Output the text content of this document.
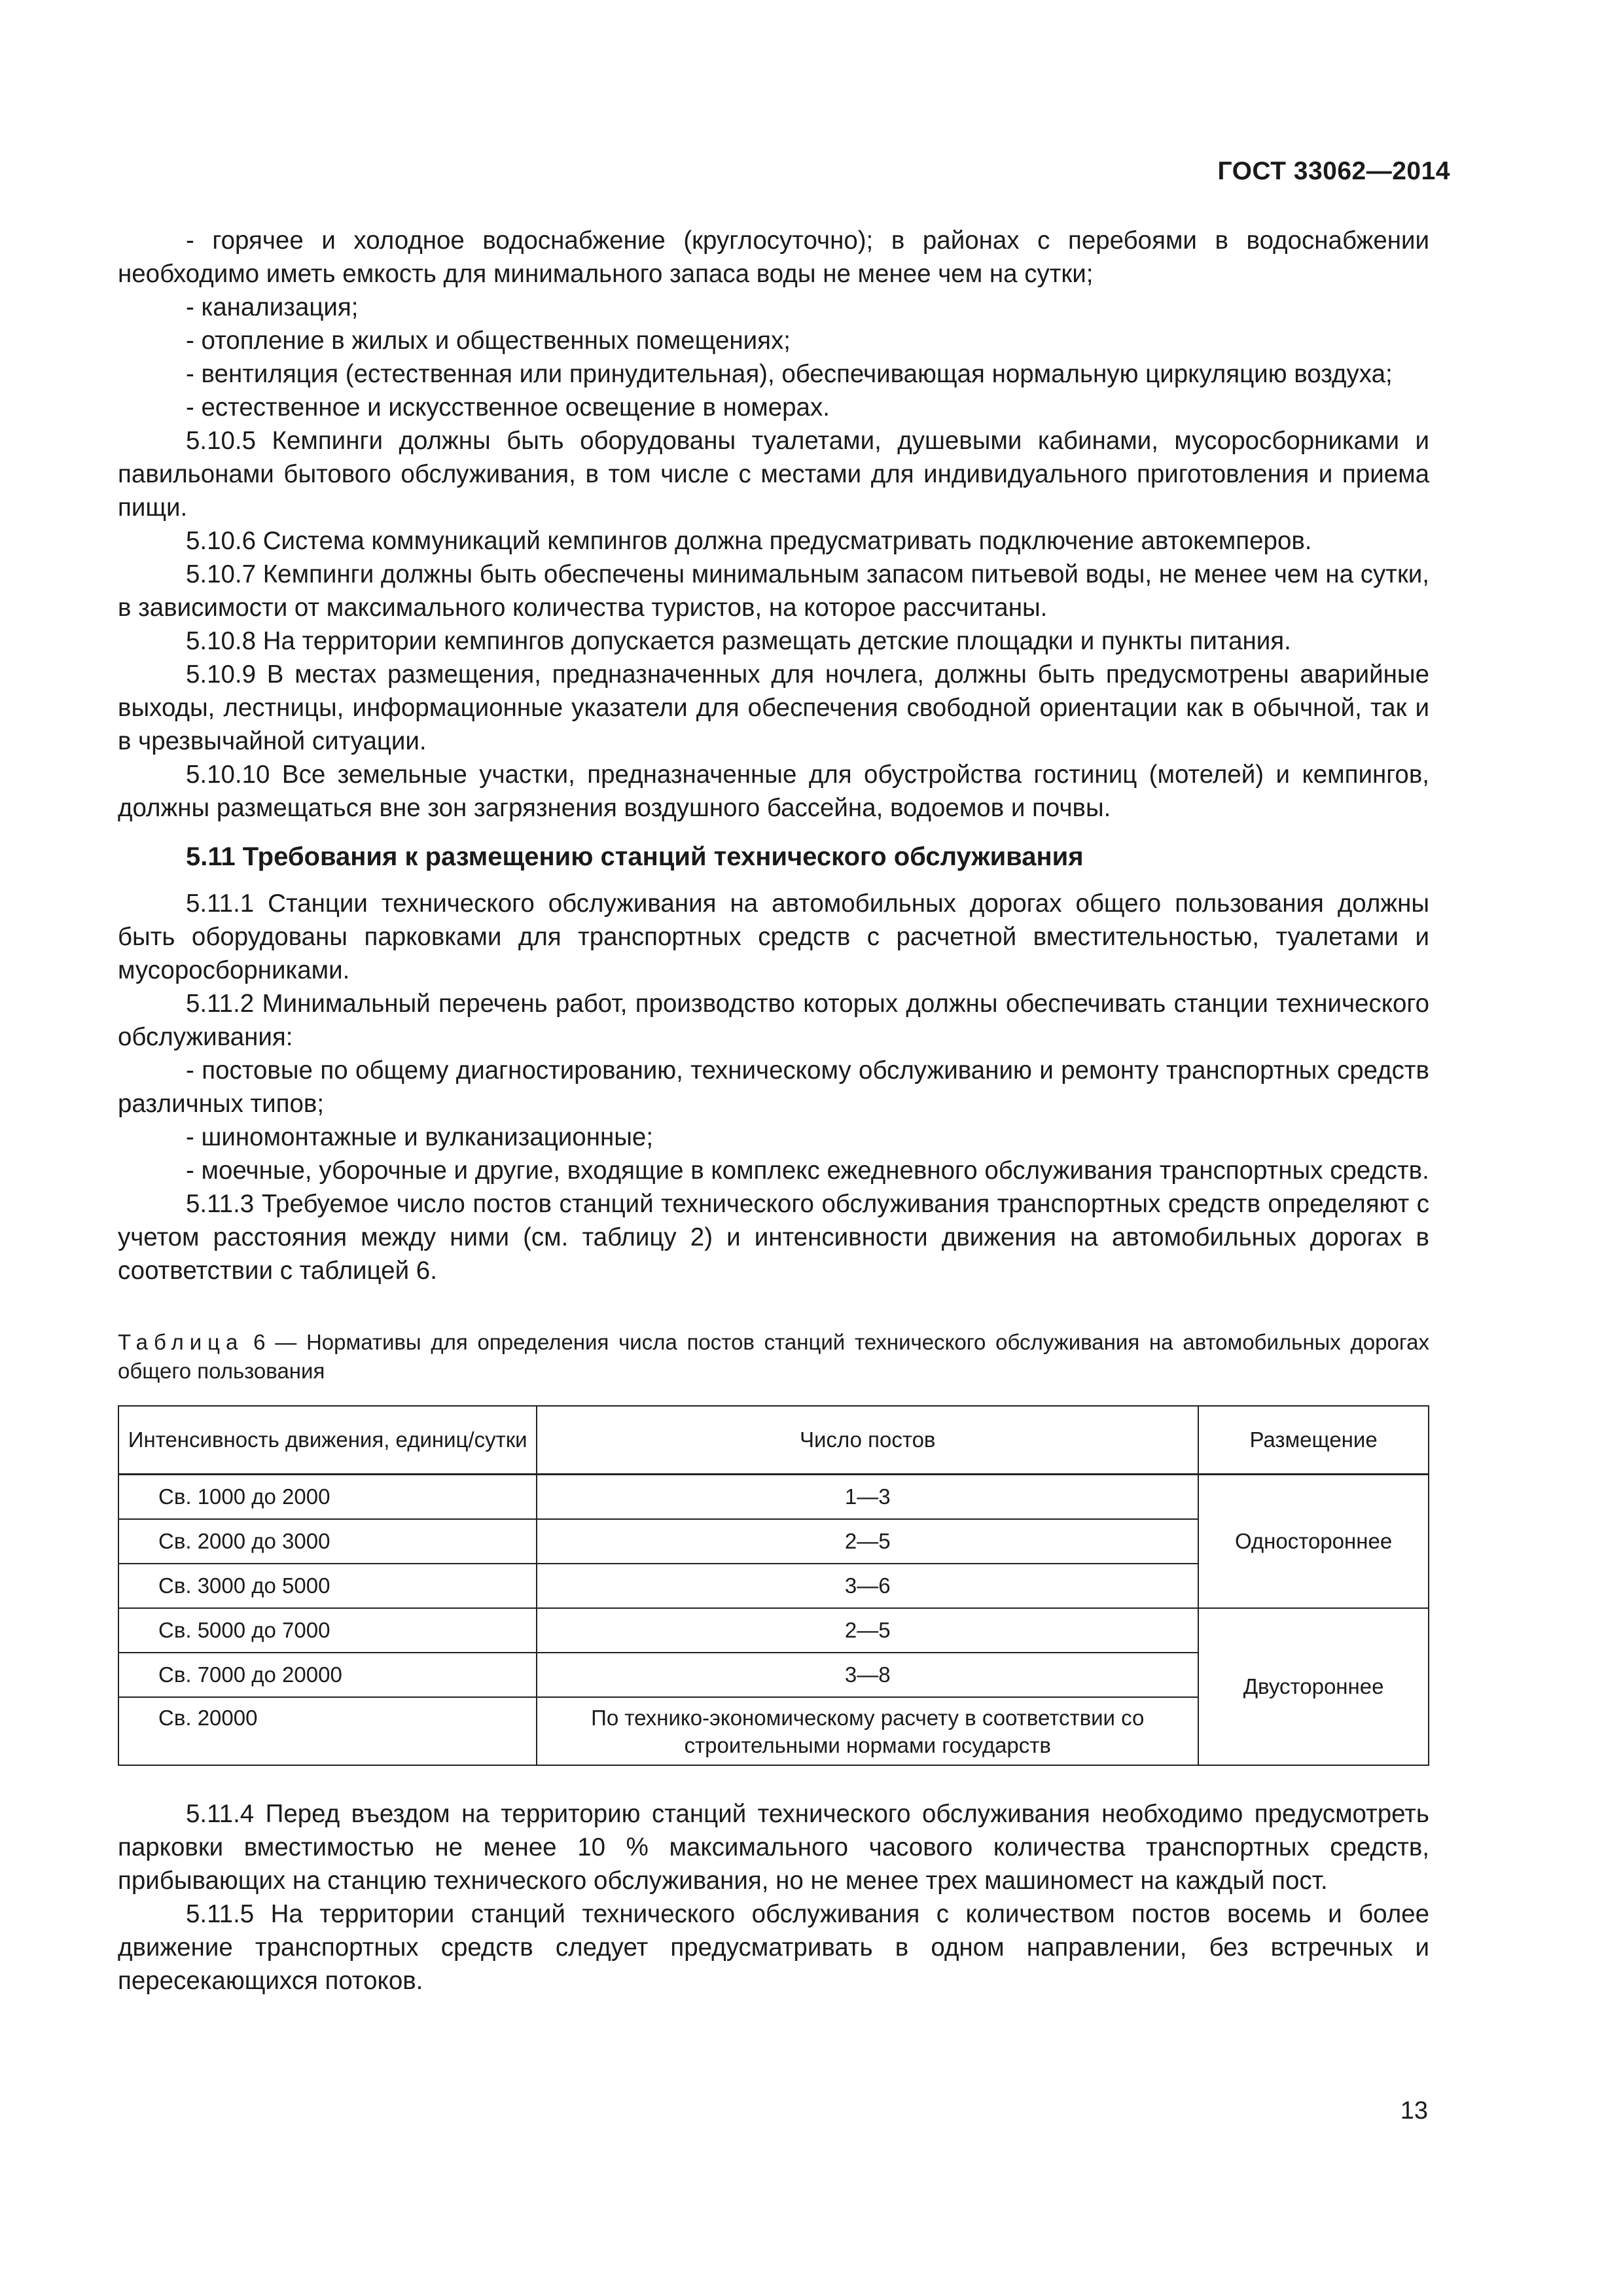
ГОСТ 33062—2014

- горячее и холодное водоснабжение (круглосуточно); в районах с перебоями в водоснабжении необходимо иметь емкость для минимального запаса воды не менее чем на сутки;

- канализация;

- отопление в жилых и общественных помещениях;

- вентиляция (естественная или принудительная), обеспечивающая нормальную циркуляцию воздуха;

- естественное и искусственное освещение в номерах.

5.10.5 Кемпинги должны быть оборудованы туалетами, душевыми кабинами, мусоросборниками и павильонами бытового обслуживания, в том числе с местами для индивидуального приготовления и приема пищи.

5.10.6 Система коммуникаций кемпингов должна предусматривать подключение автокемперов.

5.10.7 Кемпинги должны быть обеспечены минимальным запасом питьевой воды, не менее чем на сутки, в зависимости от максимального количества туристов, на которое рассчитаны.

5.10.8 На территории кемпингов допускается размещать детские площадки и пункты питания.

5.10.9 В местах размещения, предназначенных для ночлега, должны быть предусмотрены аварийные выходы, лестницы, информационные указатели для обеспечения свободной ориентации как в обычной, так и в чрезвычайной ситуации.

5.10.10 Все земельные участки, предназначенные для обустройства гостиниц (мотелей) и кемпингов, должны размещаться вне зон загрязнения воздушного бассейна, водоемов и почвы.

5.11 Требования к размещению станций технического обслуживания

5.11.1 Станции технического обслуживания на автомобильных дорогах общего пользования должны быть оборудованы парковками для транспортных средств с расчетной вместительностью, туалетами и мусоросборниками.

5.11.2 Минимальный перечень работ, производство которых должны обеспечивать станции технического обслуживания:

- постовые по общему диагностированию, техническому обслуживанию и ремонту транспортных средств различных типов;

- шиномонтажные и вулканизационные;

- моечные, уборочные и другие, входящие в комплекс ежедневного обслуживания транспортных средств.

5.11.3 Требуемое число постов станций технического обслуживания транспортных средств определяют с учетом расстояния между ними (см. таблицу 2) и интенсивности движения на автомобильных дорогах в соответствии с таблицей 6.

Таблица 6 — Нормативы для определения числа постов станций технического обслуживания на автомобильных дорогах общего пользования
Интенсивность движения, единиц/сутки	Число постов	Размещение
Св. 1000 до 2000	1—3	Одностороннее
Св. 2000 до 3000	2—5	
Св. 3000 до 5000	3—6	
Св. 5000 до 7000	2—5	Двустороннее
Св. 7000 до 20000	3—8	
Св. 20000	По технико-экономическому расчету в соответствии со строительными нормами государств	

5.11.4 Перед въездом на территорию станций технического обслуживания необходимо предусмотреть парковки вместимостью не менее 10 % максимального часового количества транспортных средств, прибывающих на станцию технического обслуживания, но не менее трех машиномест на каждый пост.

5.11.5 На территории станций технического обслуживания с количеством постов восемь и более движение транспортных средств следует предусматривать в одном направлении, без встречных и пересекающихся потоков.

13
